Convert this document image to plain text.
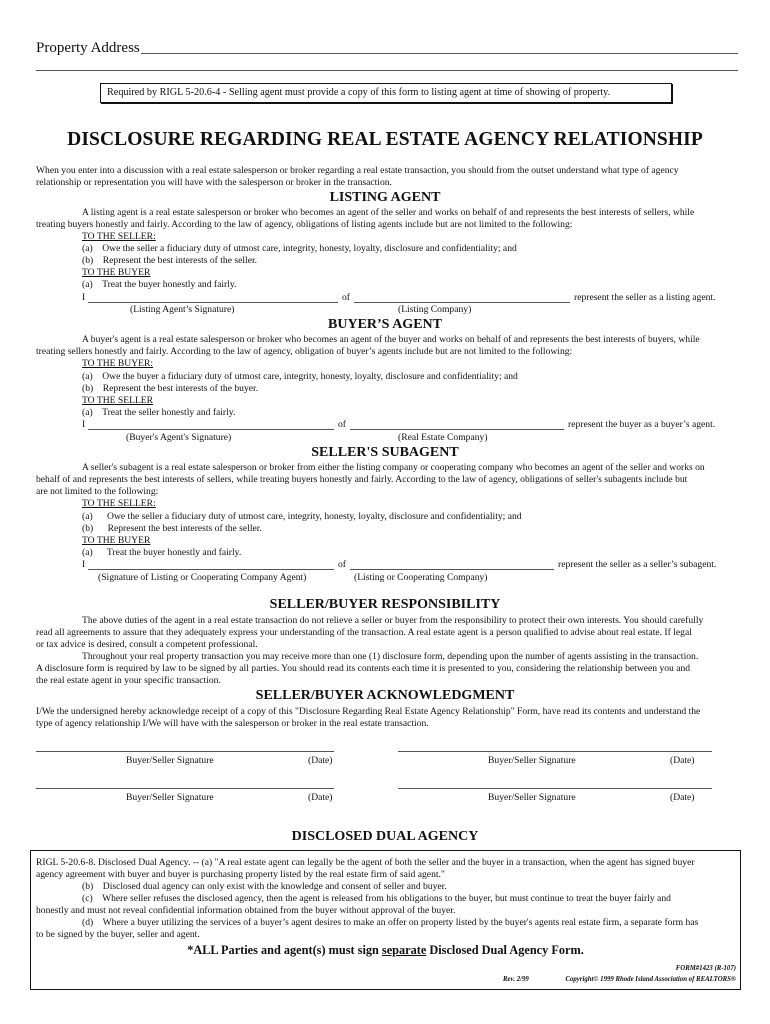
Property Address
Required by RIGL 5-20.6-4 - Selling agent must provide a copy of this form to listing agent at time of showing of property.
DISCLOSURE REGARDING REAL ESTATE AGENCY RELATIONSHIP
When you enter into a discussion with a real estate salesperson or broker regarding a real estate transaction, you should from the outset understand what type of agency
relationship or representation you will have with the salesperson or broker in the transaction.
LISTING AGENT
A listing agent is a real estate salesperson or broker who becomes an agent of the seller and works on behalf of and represents the best interests of sellers, while
treating buyers honestly and fairly. According to the law of agency, obligations of listing agents include but are not limited to the following:
TO THE SELLER:
(a)    Owe the seller a fiduciary duty of utmost care, integrity, honesty, loyalty, disclosure and confidentiality; and
(b)    Represent the best interests of the seller.
TO THE BUYER
(a)    Treat the buyer honestly and fairly.
I	of	represent the seller as a listing agent.
(Listing Agent’s Signature)	(Listing Company)
BUYER’S AGENT
A buyer's agent is a real estate salesperson or broker who becomes an agent of the buyer and works on behalf of and represents the best interests of buyers, while
treating sellers honestly and fairly. According to the law of agency, obligation of buyer’s agents include but are not limited to the following:
TO THE BUYER:
(a)    Owe the buyer a fiduciary duty of utmost care, integrity, honesty, loyalty, disclosure and confidentiality; and
(b)    Represent the best interests of the buyer.
TO THE SELLER
(a)    Treat the seller honestly and fairly.
I	of	represent the buyer as a buyer’s agent.
(Buyer's Agent's Signature)	(Real Estate Company)
SELLER'S SUBAGENT
A seller's subagent is a real estate salesperson or broker from either the listing company or cooperating company who becomes an agent of the seller and works on
behalf of and represents the best interests of sellers, while treating buyers honestly and fairly. According to the law of agency, obligations of seller's subagents include but
are not limited to the following:
TO THE SELLER:
(a)      Owe the seller a fiduciary duty of utmost care, integrity, honesty, loyalty, disclosure and confidentiality; and
(b)      Represent the best interests of the seller.
TO THE BUYER
(a)      Treat the buyer honestly and fairly.
I	of	represent the seller as a seller’s subagent.
(Signature of Listing or Cooperating Company Agent)	(Listing or Cooperating Company)
SELLER/BUYER RESPONSIBILITY
The above duties of the agent in a real estate transaction do not relieve a seller or buyer from the responsibility to protect their own interests. You should carefully
read all agreements to assure that they adequately express your understanding of the transaction. A real estate agent is a person qualified to advise about real estate. If legal
or tax advice is desired, consult a competent professional.
Throughout your real property transaction you may receive more than one (1) disclosure form, depending upon the number of agents assisting in the transaction.
A disclosure form is required by law to be signed by all parties. You should read its contents each time it is presented to you, considering the relationship between you and
the real estate agent in your specific transaction.
SELLER/BUYER ACKNOWLEDGMENT
I/We the undersigned hereby acknowledge receipt of a copy of this "Disclosure Regarding Real Estate Agency Relationship" Form, have read its contents and understand the
type of agency relationship I/We will have with the salesperson or broker in the real estate transaction.
Buyer/Seller Signature	(Date)	Buyer/Seller Signature	(Date)
Buyer/Seller Signature	(Date)	Buyer/Seller Signature	(Date)
DISCLOSED DUAL AGENCY
RIGL 5-20.6-8. Disclosed Dual Agency. -- (a) "A real estate agent can legally be the agent of both the seller and the buyer in a transaction, when the agent has signed buyer
agency agreement with buyer and buyer is purchasing property listed by the real estate firm of said agent."
(b)    Disclosed dual agency can only exist with the knowledge and consent of seller and buyer.
(c)    Where seller refuses the disclosed agency, then the agent is released from his obligations to the buyer, but must continue to treat the buyer fairly and
honestly and must not reveal confidential information obtained from the buyer without approval of the buyer.
(d)    Where a buyer utilizing the services of a buyer’s agent desires to make an offer on property listed by the buyer's agents real estate firm, a separate form has
to be signed by the buyer, seller and agent.
*ALL Parties and agent(s) must sign separate Disclosed Dual Agency Form.
FORM#1423 (R-107)
Rev. 2/99	Copyright© 1999 Rhode Island Association of REALTORS®
